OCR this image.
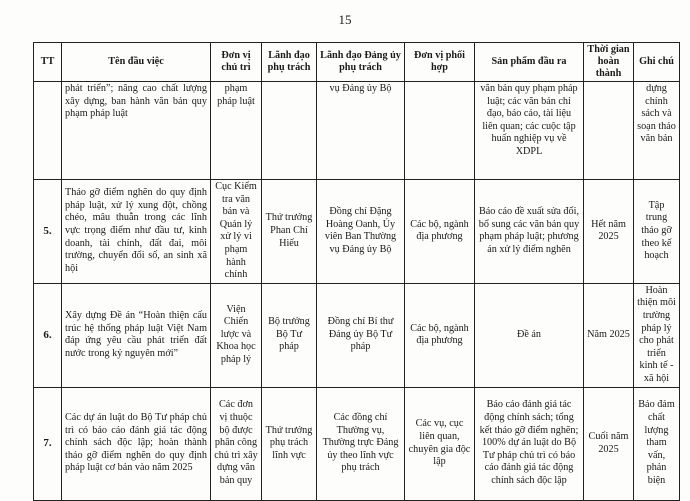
15
TT	Tên đầu việc	Đơn vị chủ trì	Lãnh đạo phụ trách	Lãnh đạo Đảng ủy phụ trách	Đơn vị phối hợp	Sản phẩm đầu ra	Thời gian hoàn thành	Ghi chú
	phát triển”; nâng cao chất lượng xây dựng, ban hành văn bản quy phạm pháp luật	phạm pháp luật		vụ Đảng ủy Bộ		văn bản quy phạm pháp luật; các văn bản chỉ đạo, báo cáo, tài liệu liên quan; các cuộc tập huấn nghiệp vụ về XDPL		dựng chính sách và soạn thảo văn bản
5.	Tháo gỡ điểm nghẽn do quy định pháp luật, xử lý xung đột, chồng chéo, mâu thuẫn trong các lĩnh vực trọng điểm như đầu tư, kinh doanh, tài chính, đất đai, môi trường, chuyển đổi số, an sinh xã hội	Cục Kiểm tra văn bản và Quản lý xử lý vi phạm hành chính	Thứ trưởng Phan Chí Hiếu	Đồng chí Đặng Hoàng Oanh, Ủy viên Ban Thường vụ Đảng ủy Bộ	Các bộ, ngành địa phương	Báo cáo đề xuất sửa đổi, bổ sung các văn bản quy phạm pháp luật; phương án xử lý điểm nghẽn	Hết năm 2025	Tập trung tháo gỡ theo kế hoạch
6.	Xây dựng Đề án “Hoàn thiện cấu trúc hệ thống pháp luật Việt Nam đáp ứng yêu cầu phát triển đất nước trong kỷ nguyên mới”	Viện Chiến lược và Khoa học pháp lý	Bộ trưởng Bộ Tư pháp	Đồng chí Bí thư Đảng ủy Bộ Tư pháp	Các bộ, ngành địa phương	Đề án	Năm 2025	Hoàn thiện môi trường pháp lý cho phát triển kinh tế - xã hội
7.	Các dự án luật do Bộ Tư pháp chủ trì có báo cáo đánh giá tác động chính sách độc lập; hoàn thành tháo gỡ điểm nghẽn do quy định pháp luật cơ bản vào năm 2025	Các đơn vị thuộc bộ được phân công chủ trì xây dựng văn bản quy	Thứ trưởng phụ trách lĩnh vực	Các đồng chí Thường vụ, Thường trực Đảng ủy theo lĩnh vực phụ trách	Các vụ, cục liên quan, chuyên gia độc lập	Báo cáo đánh giá tác động chính sách; tổng kết tháo gỡ điểm nghẽn; 100% dự án luật do Bộ Tư pháp chủ trì có báo cáo đánh giá tác động chính sách độc lập	Cuối năm 2025	Bảo đảm chất lượng tham vấn, phản biện
